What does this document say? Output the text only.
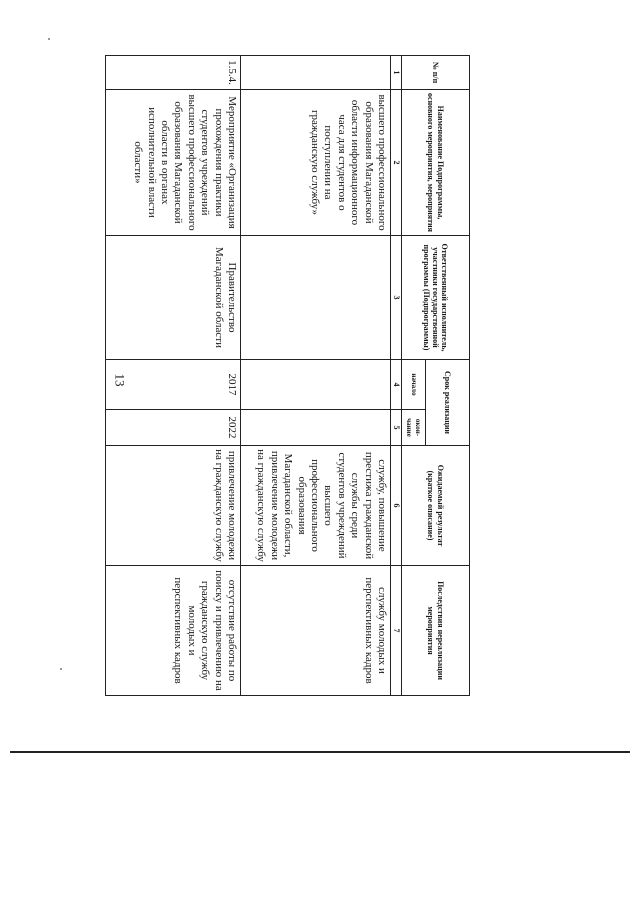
13
№ п/п	Наименование Подпрограммы, основного мероприятия, мероприятия	Ответственный исполнитель, участники государственной программы (Подпрограммы)	Срок реализации		Ожидаемый результат (краткое описание)	Последствия нереализации мероприятия
			начало	окон-чание		
1	2	3	4	5	6	7
	высшего профессионального образования Магаданской области информационного часа для студентов о поступлении на гражданскую службу»				службу, повышение престижа гражданской службы среди студентов учреждений высшего профессионального образования Магаданской области, привлечение молодежи на гражданскую службу	службу молодых и перспективных кадров
1.5.4.	Мероприятие «Организация прохождения практики студентов учреждений высшего профессионального образования Магаданской области в органах исполнительной власти области»	Правительство Магаданской области	2017	2022	привлечение молодежи на гражданскую службу	отсутствие работы по поиску и привлечению на гражданскую службу молодых и перспективных кадров
